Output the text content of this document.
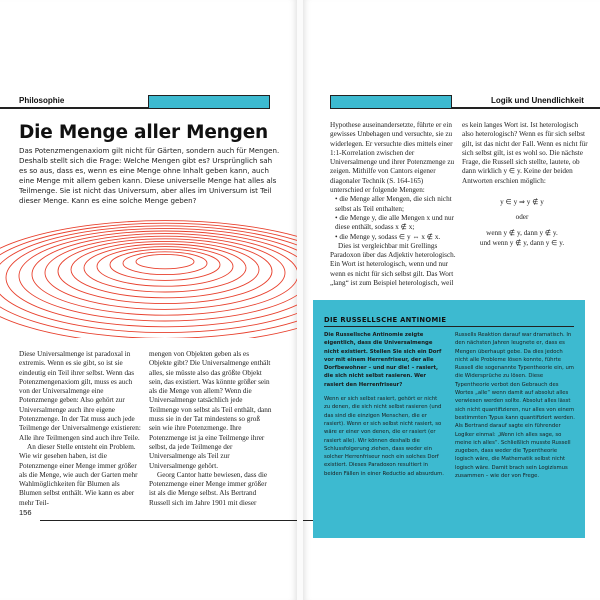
Philosophie
Die Menge aller Mengen
Das Potenzmengenaxiom gilt nicht für Gärten, sondern auch für Mengen. Deshalb stellt sich die Frage: Welche Mengen gibt es? Ursprünglich sah es so aus, dass es, wenn es eine Menge ohne Inhalt geben kann, auch eine Menge mit allem geben kann. Diese universelle Menge hat alles als Teilmenge. Sie ist nicht das Universum, aber alles im Universum ist Teil dieser Menge. Kann es eine solche Menge geben?

Diese Universalmenge ist paradoxal in extremis. Wenn es sie gibt, so ist sie eindeutig ein Teil ihrer selbst. Wenn das Potenzmengenaxiom gilt, muss es auch von der Universalmenge eine Potenzmenge geben: Also gehört zur Universalmenge auch ihre eigene Potenzmenge. In der Tat muss auch jede Teilmenge der Universalmenge existieren: Alle ihre Teilmengen sind auch ihre Teile.

An dieser Stelle entsteht ein Problem. Wie wir gesehen haben, ist die Potenzmenge einer Menge immer größer als die Menge, wie auch der Garten mehr Wahlmöglichkeiten für Blumen als Blumen selbst enthält. Wie kann es aber mehr Teil-

mengen von Objekten geben als es Objekte gibt? Die Universalmenge enthält alles, sie müsste also das größte Objekt sein, das existiert. Was könnte größer sein als die Menge von allem? Wenn die Universalmenge tatsächlich jede Teilmenge von selbst als Teil enthält, dann muss sie in der Tat mindestens so groß sein wie ihre Potenzmenge. Ihre Potenzmenge ist ja eine Teilmenge ihrer selbst, da jede Teilmenge der Universalmenge als Teil zur Universalmenge gehört.

Georg Cantor hatte bewiesen, dass die Potenzmenge einer Menge immer größer ist als die Menge selbst. Als Bertrand Russell sich im Jahre 1901 mit dieser

156
Logik und Unendlichkeit

Hypothese auseinandersetzte, führte er ein gewisses Unbehagen und versuchte, sie zu widerlegen. Er versuchte dies mittels einer 1:1-Korrelation zwischen der Universalmenge und ihrer Potenzmenge zu zeigen. Mithilfe von Cantors eigener diagonaler Technik (S. 164-165) unterschied er folgende Mengen:

• die Menge aller Mengen, die sich nicht selbst als Teil enthalten;

• die Menge y, die alle Mengen x und nur diese enthält, sodass x ∉ x;

• die Menge y, sodass ∈ y ⇔ x ∉ x.

Dies ist vergleichbar mit Grellings Paradoxon über das Adjektiv heterologisch. Ein Wort ist heterologisch, wenn und nur wenn es nicht für sich selbst gilt. Das Wort „lang“ ist zum Beispiel heterologisch, weil

es kein langes Wort ist. Ist heterologisch also heterologisch? Wenn es für sich selbst gilt, ist das nicht der Fall. Wenn es nicht für sich selbst gilt, ist es wohl so. Die nächste Frage, die Russell sich stellte, lautete, ob dann wirklich y ∈ y. Keine der beiden Antworten erschien möglich:

y ∈ y ⇒ y ∉ y
oder
wenn y ∉ y, dann y ∉ y.
und wenn y ∉ y, dann y ∈ y.
DIE RUSSELLSCHE ANTINOMIE

Die Russellsche Antinomie zeigte eigentlich, dass die Universalmenge nicht existiert. Stellen Sie sich ein Dorf vor mit einem Herrenfriseur, der alle Dorfbewohner – und nur die! – rasiert, die sich nicht selbst rasieren. Wer rasiert den Herrenfriseur?

Wenn er sich selbst rasiert, gehört er nicht zu denen, die sich nicht selbst rasieren (und das sind die einzigen Menschen, die er rasiert). Wenn er sich selbst nicht rasiert, so wäre er einer von denen, die er rasiert (er rasiert alle). Wir können deshalb die Schlussfolgerung ziehen, dass weder ein solcher Herrenfriseur noch ein solches Dorf existiert. Dieses Paradoxon resultiert in beiden Fällen in einer Reductio ad absurdum.

Russells Reaktion darauf war dramatisch. In den nächsten Jahren leugnete er, dass es Mengen überhaupt gebe. Da dies jedoch nicht alle Probleme lösen konnte, führte Russell die sogenannte Typentheorie ein, um die Widersprüche zu lösen. Diese Typentheorie verbot den Gebrauch des Wortes „alle“ wenn damit auf absolut alles verwiesen werden sollte. Absolut alles lässt sich nicht quantifizieren, nur alles von einem bestimmten Typus kann quantifiziert werden. Als Bertrand darauf sagte ein führender Logiker einmal: „Wenn ich alles sage, so meine ich alles“. Schließlich musste Russell zugeben, dass weder die Typentheorie logisch wäre, die Mathematik selbst nicht logisch wäre. Damit brach sein Logizismus zusammen – wie der von Frege.
